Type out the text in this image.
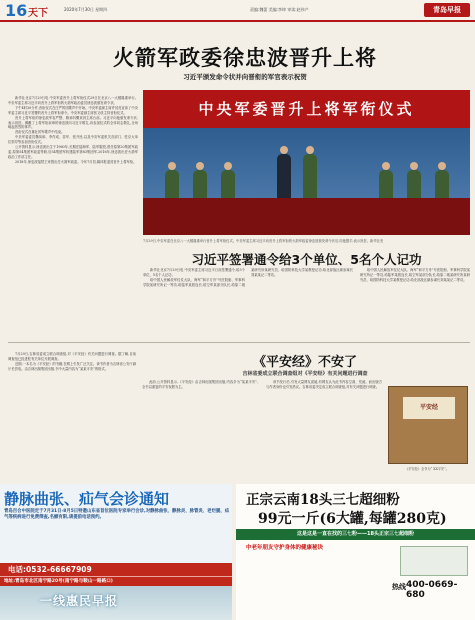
16 天下	2020年7月30日 星期四	责编:魏蕾 美编:李坤 审读:赵伟产	青岛早报
火箭军政委徐忠波晋升上将
习近平颁发命令状并向晋衔的军官表示祝贺
中央军委晋升上将军衔仪式
7月29日,中央军委在北京八一大楼隆重举行晋升上将军衔仪式。中央军委主席习近平向晋升上将军衔的火箭军政委徐忠波颁发命令状后,同他握手,表示祝贺。新华社发

新华社北京7月29日电 中央军委晋升上将军衔仪式29日在北京八一大楼隆重举行。中央军委主席习近平向晋升上将军衔的火箭军政治委员徐忠波颁发命令状。

下午4时30分许,晋衔仪式在庄严的国歌声中开始。中央军委副主席许其亮宣读了中央军委主席习近平签署的晋升上将军衔命令。中央军委副主席张又侠主持晋衔仪式。

晋升上将军衔的徐忠波军容严整、精神抖擞来到主席台前。习近平向他颁发命令状,表示祝贺。佩戴了上将军衔肩章的徐忠波向习近平敬礼,向参加仪式的全体同志敬礼,全场响起热烈的掌声。

晋衔仪式在雄壮的军歌声中结束。

中央军委委员魏凤和、李作成、苗华、张升民,以及中央军委机关各部门、驻京大单位领导等参加晋衔仪式。

公开资料显示,徐忠波出生于1960年,长期在陆海军、陆军服役,曾任原第20集团军政委,原第54集团军政委等职,后54集团军转建陆军第83集团军,2016年,徐忠波出任火箭军政治工作部主任。

2018年,徐忠波接替王家胜出任火箭军政委。今年7月初,媒体报道其晋升上将军衔。

习近平签署通令给3个单位、5名个人记功

新华社北京7月29日电 中央军委主席习近平日前签署通令,给3个单位、5名个人记功。

给中国人民解放军仪仗大队、海军“和平方舟”号医院船、军事科学院某研究所记一等功,给陆军某旅连长,给空军某部分队长,给原二炮某研究所某研究员、给国防科技大学某教授记功,给北部战区副参谋长刘某某记二等功。

给中国人民解放军仪仗大队、海军“和平方舟”号医院船、军事科学院某研究所记一等功,给陆军某旅连长,给空军某部分队长,给原二炮某研究所某研究员、给国防科技大学某教授记功,给北部战区副参谋长刘某某记二等功。

《平安经》不安了
吉林省委成立联合调查组对《平安经》有关问题进行调查

7月29日,吉林省委成立联合调查组,对《平安经》有关问题进行调查。据了解,目前调查组已经进驻有关单位开展调查。

近期,一本名为《平安经》的书籍,在网上引发广泛关注。该书作者为吉林省公安厅副厅长贺电。由吉林出版集团出版,书中大量内容为“某某平安”的格式。

此前,公开资料显示,《平安经》由吉林出版集团出版,内容多为“某某平安”,全书以重复的平安祝愿为主。

该书发行后,引发大量网友质疑,有网友认为此书内容空洞、荒诞。而出版方与作者身份也引发热议。吉林省委决定成立联合调查组,对有关问题进行调查。

平安经
《平安经》全书为“ XX平安”。
静脉曲张、疝气会诊通知
青岛百合中医院定于7月31日-8月5日特邀山东省首位医院专家举行会诊,对静脉曲张、静脉炎、脉管炎、老烂腿、疝气等疾病进行免费筛查,名额有限,请提前电话预约。
电话:0532-66667909
地址:青岛市北区南宁路20号(南宁路与鞍山一路路口)
一线惠民早报
正宗云南18头三七超细粉
99元一斤(6大罐,每罐280克)
这是这是一直在找的三七粉——18头正宗三七超细粉
中老年朋友守护身体的健康秘诀
热线 400-0669-680
